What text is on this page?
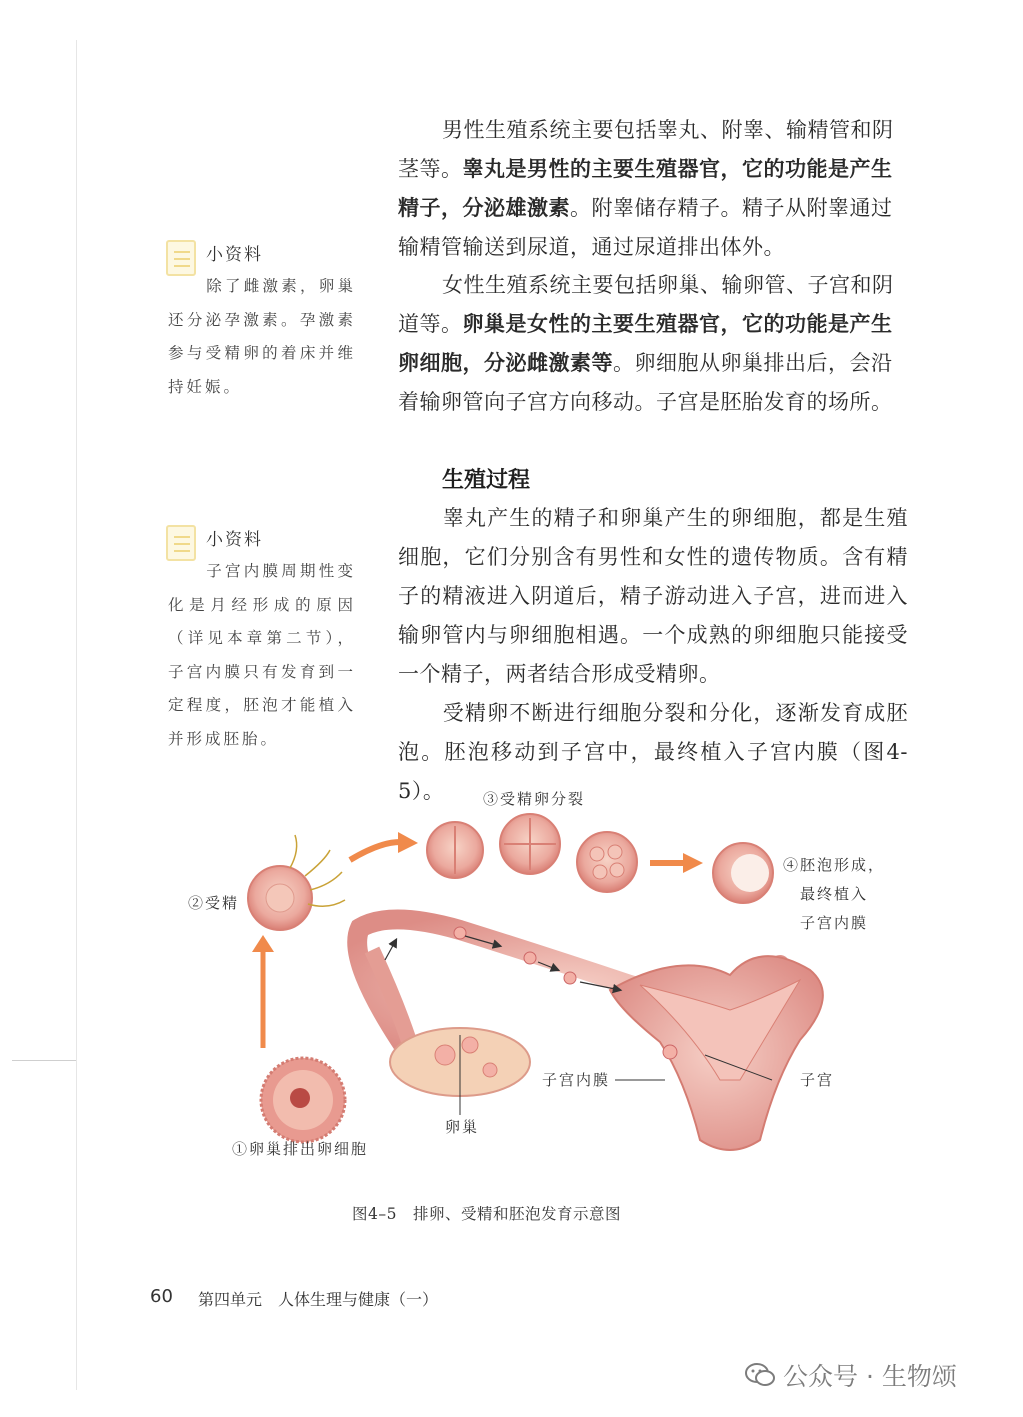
男性生殖系统主要包括睾丸、附睾、输精管和阴
茎等。睾丸是男性的主要生殖器官，它的功能是产生
精子，分泌雄激素。附睾储存精子。精子从附睾通过
输精管输送到尿道，通过尿道排出体外。
女性生殖系统主要包括卵巢、输卵管、子宫和阴
道等。卵巢是女性的主要生殖器官，它的功能是产生
卵细胞，分泌雌激素等。卵细胞从卵巢排出后，会沿
着输卵管向子宫方向移动。子宫是胚胎发育的场所。
生殖过程
睾丸产生的精子和卵巢产生的卵细胞，都是生殖细胞，它们分别含有男性和女性的遗传物质。含有精子的精液进入阴道后，精子游动进入子宫，进而进入输卵管内与卵细胞相遇。一个成熟的卵细胞只能接受一个精子，两者结合形成受精卵。
受精卵不断进行细胞分裂和分化，逐渐发育成胚泡。胚泡移动到子宫中，最终植入子宫内膜（图4-5）。
小资料
除了雌激素，卵巢还分泌孕激素。孕激素参与受精卵的着床并维持妊娠。
小资料
子宫内膜周期性变化是月经形成的原因（详见本章第二节），子宫内膜只有发育到一定程度，胚泡才能植入并形成胚胎。
③受精卵分裂
②受精
④胚泡形成，
最终植入
子宫内膜
子宫内膜	子宫
卵巢
①卵巢排出卵细胞
图4–5　排卵、受精和胚泡发育示意图
60 第四单元　人体生理与健康（一）
公众号 · 生物颂
